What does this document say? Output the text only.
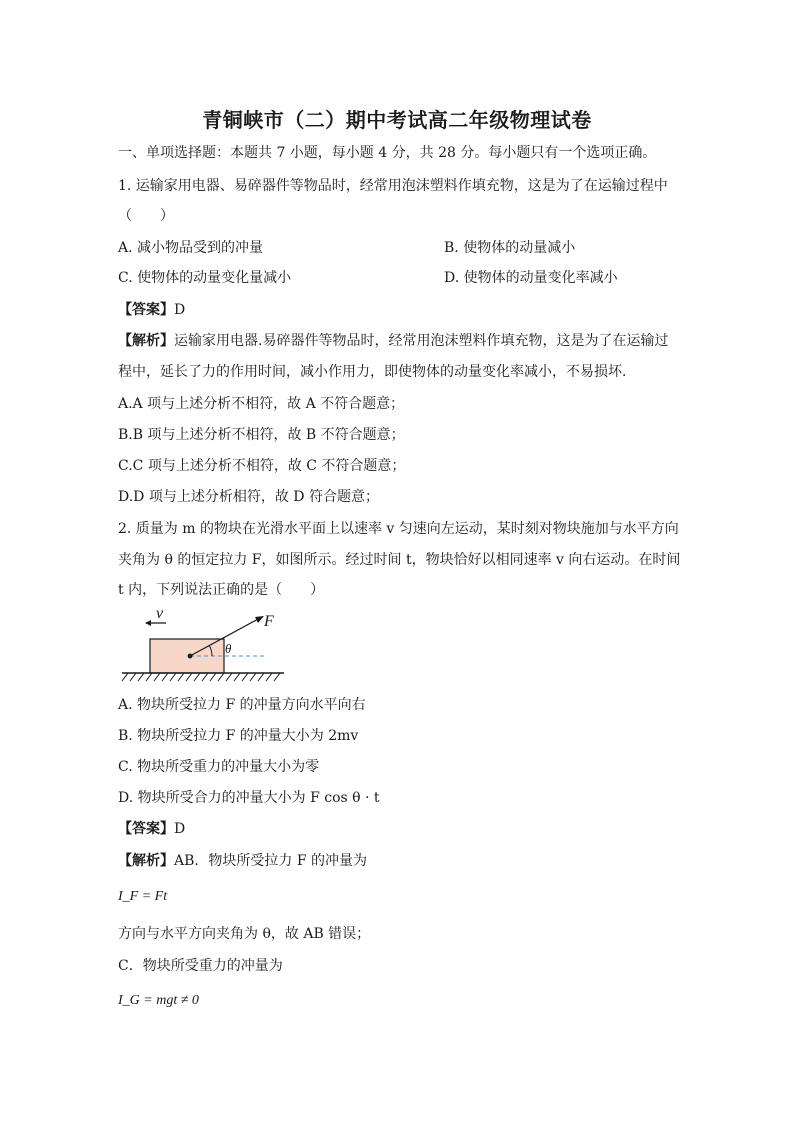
青铜峡市（二）期中考试高二年级物理试卷
一、单项选择题：本题共 7 小题，每小题 4 分，共 28 分。每小题只有一个选项正确。
1. 运输家用电器、易碎器件等物品时，经常用泡沫塑料作填充物，这是为了在运输过程中
（　　）
A. 减小物品受到的冲量	B. 使物体的动量减小
C. 使物体的动量变化量减小	D. 使物体的动量变化率减小
【答案】D
【解析】运输家用电器.易碎器件等物品时，经常用泡沫塑料作填充物，这是为了在运输过
程中，延长了力的作用时间，减小作用力，即使物体的动量变化率减小，不易损坏．
A.A 项与上述分析不相符，故 A 不符合题意；
B.B 项与上述分析不相符，故 B 不符合题意；
C.C 项与上述分析不相符，故 C 不符合题意；
D.D 项与上述分析相符，故 D 符合题意；
2. 质量为 m 的物块在光滑水平面上以速率 v 匀速向左运动，某时刻对物块施加与水平方向
夹角为 θ 的恒定拉力 F，如图所示。经过时间 t，物块恰好以相同速率 v 向右运动。在时间
t 内，下列说法正确的是（　　）
v	F
θ
A. 物块所受拉力 F 的冲量方向水平向右
B. 物块所受拉力 F 的冲量大小为 2mv
C. 物块所受重力的冲量大小为零
D. 物块所受合力的冲量大小为 F cos θ · t
【答案】D
【解析】AB．物块所受拉力 F 的冲量为
I_F = Ft
方向与水平方向夹角为 θ，故 AB 错误；
C．物块所受重力的冲量为
I_G = mgt ≠ 0
